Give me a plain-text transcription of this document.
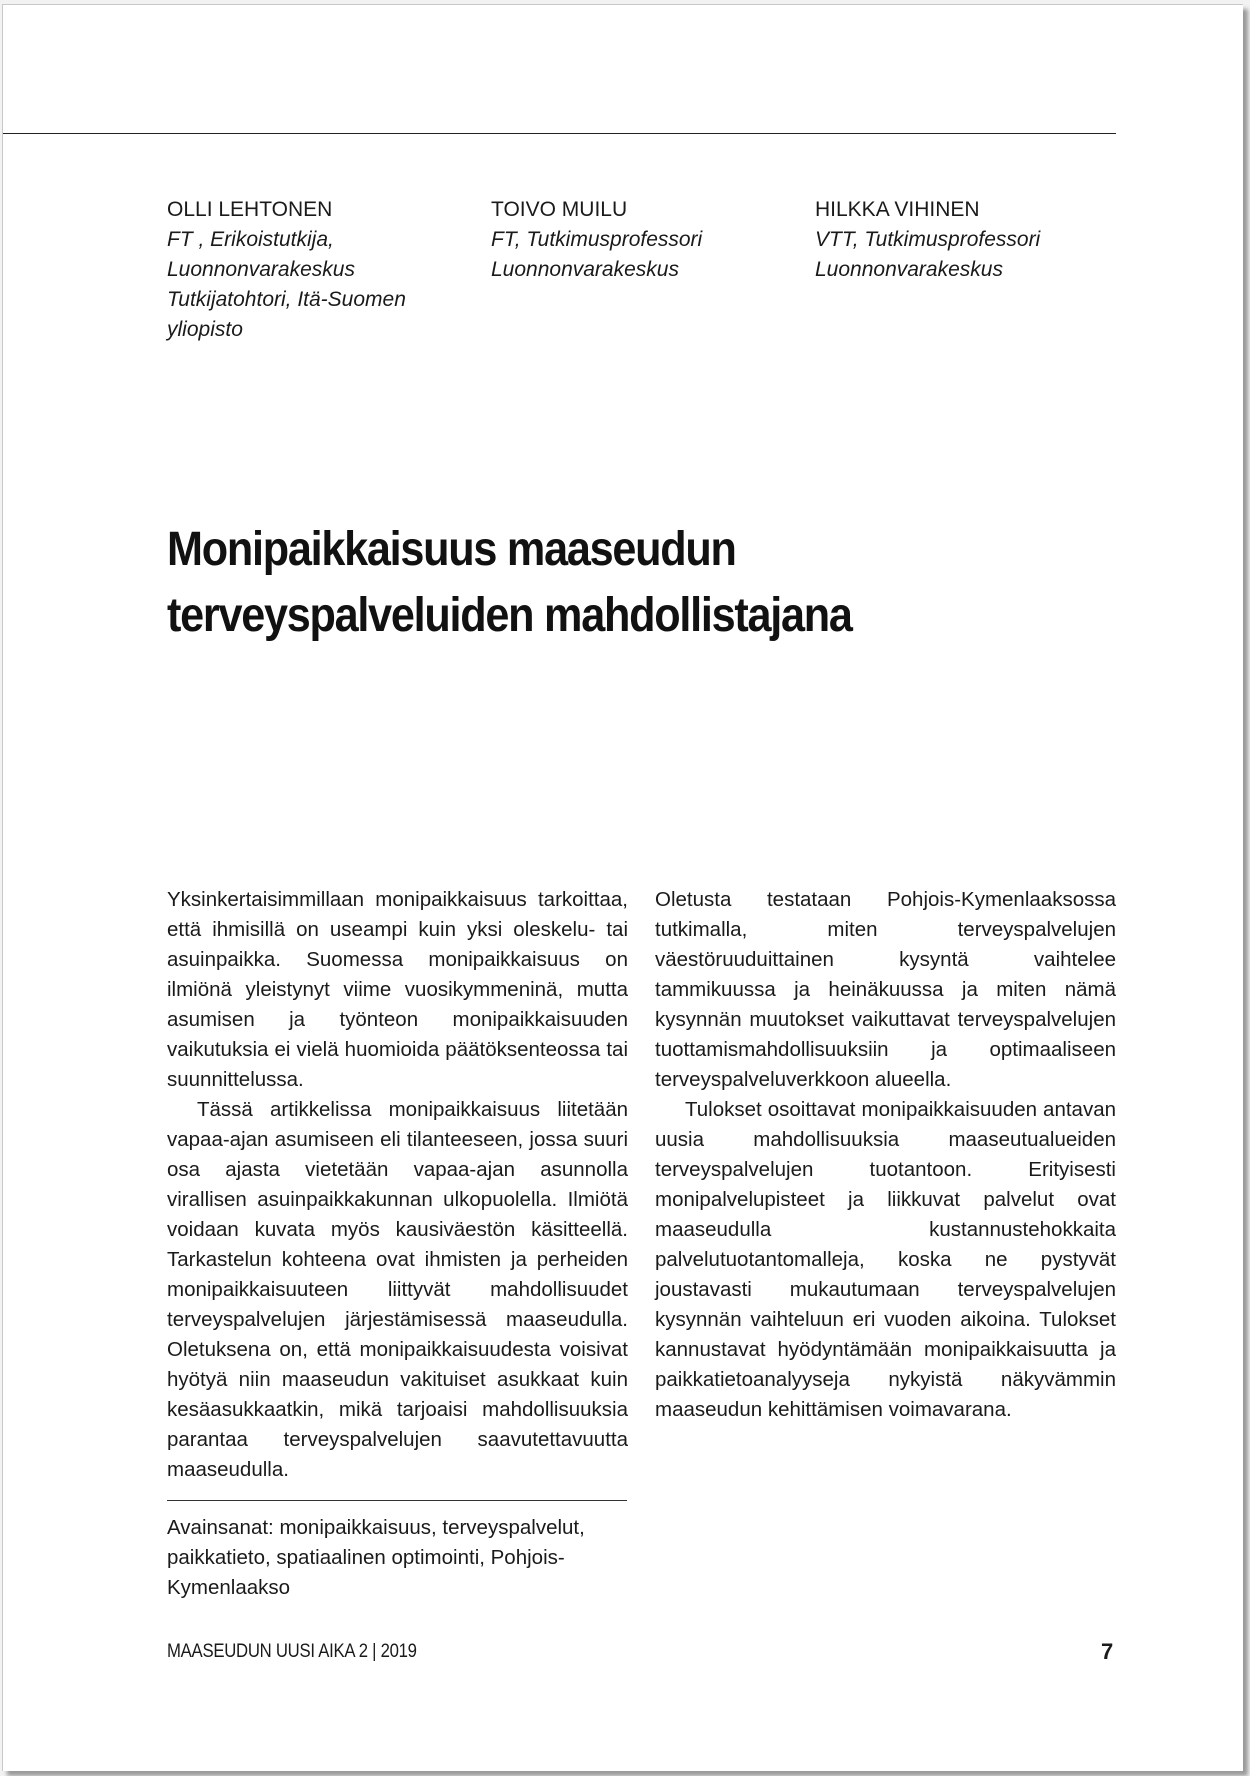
OLLI LEHTONEN
FT , Erikoistutkija,
Luonnonvarakeskus
Tutkijatohtori, Itä-Suomen
yliopisto
TOIVO MUILU
FT, Tutkimusprofessori
Luonnonvarakeskus
HILKKA VIHINEN
VTT, Tutkimusprofessori
Luonnonvarakeskus
Monipaikkaisuus maaseudun
terveyspalveluiden mahdollistajana

Yksinkertaisimmillaan monipaikkaisuus tarkoittaa, että ihmisillä on useampi kuin yksi oleskelu- tai asuinpaikka. Suomessa monipaikkaisuus on ilmiönä yleistynyt viime vuosikymmeninä, mutta asumisen ja työnteon monipaikkaisuuden vaikutuksia ei vielä huomioida päätöksenteossa tai suunnittelussa.

Tässä artikkelissa monipaikkaisuus liitetään vapaa-ajan asumiseen eli tilanteeseen, jossa suuri osa ajasta vietetään vapaa-ajan asunnolla virallisen asuinpaikkakunnan ulkopuolella. Ilmiötä voidaan kuvata myös kausiväestön käsitteellä. Tarkastelun kohteena ovat ihmisten ja perheiden monipaikkaisuuteen liittyvät mahdollisuudet terveyspalvelujen järjestämisessä maaseudulla. Oletuksena on, että monipaikkaisuudesta voisivat hyötyä niin maaseudun vakituiset asukkaat kuin kesäasukkaatkin, mikä tarjoaisi mahdollisuuksia parantaa terveyspalvelujen saavutettavuutta maaseudulla.

Oletusta testataan Pohjois-Kymenlaaksossa tutkimalla, miten terveyspalvelujen väestöruuduittainen kysyntä vaihtelee tammikuussa ja heinäkuussa ja miten nämä kysynnän muutokset vaikuttavat terveyspalvelujen tuottamismahdollisuuksiin ja optimaaliseen terveyspalveluverkkoon alueella.

Tulokset osoittavat monipaikkaisuuden antavan uusia mahdollisuuksia maaseutualueiden terveyspalvelujen tuotantoon. Erityisesti monipalvelupisteet ja liikkuvat palvelut ovat maaseudulla kustannustehokkaita palvelutuotantomalleja, koska ne pystyvät joustavasti mukautumaan terveyspalvelujen kysynnän vaihteluun eri vuoden aikoina. Tulokset kannustavat hyödyntämään monipaikkaisuutta ja paikkatietoanalyyseja nykyistä näkyvämmin maaseudun kehittämisen voimavarana.

Avainsanat: monipaikkaisuus, terveyspalvelut, paikkatieto, spatiaalinen optimointi, Pohjois-Kymenlaakso
MAASEUDUN UUSI AIKA 2 | 2019	7
